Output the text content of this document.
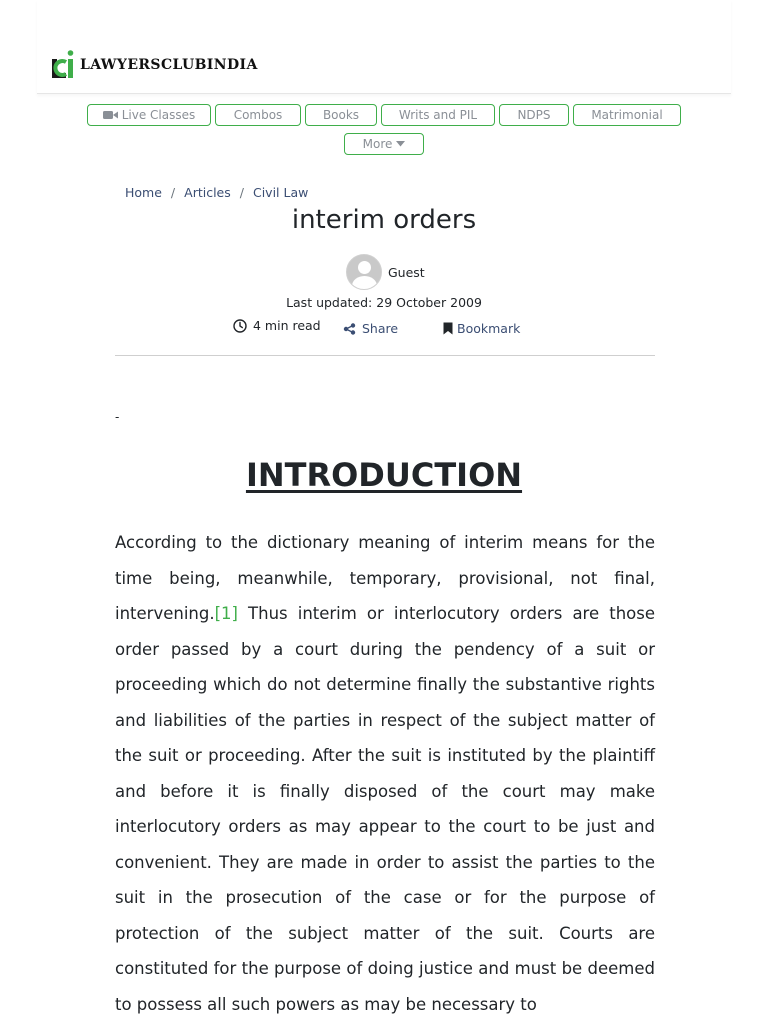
LAWYERSCLUBINDIA
Live Classes	Combos	Books	Writs and PIL	NDPS	Matrimonial
More
Home / Articles / Civil Law
interim orders
Guest
Last updated: 29 October 2009
4 min read	Share	Bookmark
-
INTRODUCTION

According to the dictionary meaning of interim means for the time being, meanwhile, temporary, provisional, not final, intervening.[1] Thus interim or interlocutory orders are those order passed by a court during the pendency of a suit or proceeding which do not determine finally the substantive rights and liabilities of the parties in respect of the subject matter of the suit or proceeding. After the suit is instituted by the plaintiff and before it is finally disposed of the court may make interlocutory orders as may appear to the court to be just and convenient. They are made in order to assist the parties to the suit in the prosecution of the case or for the purpose of protection of the subject matter of the suit. Courts are constituted for the purpose of doing justice and must be deemed to possess all such powers as may be necessary to
